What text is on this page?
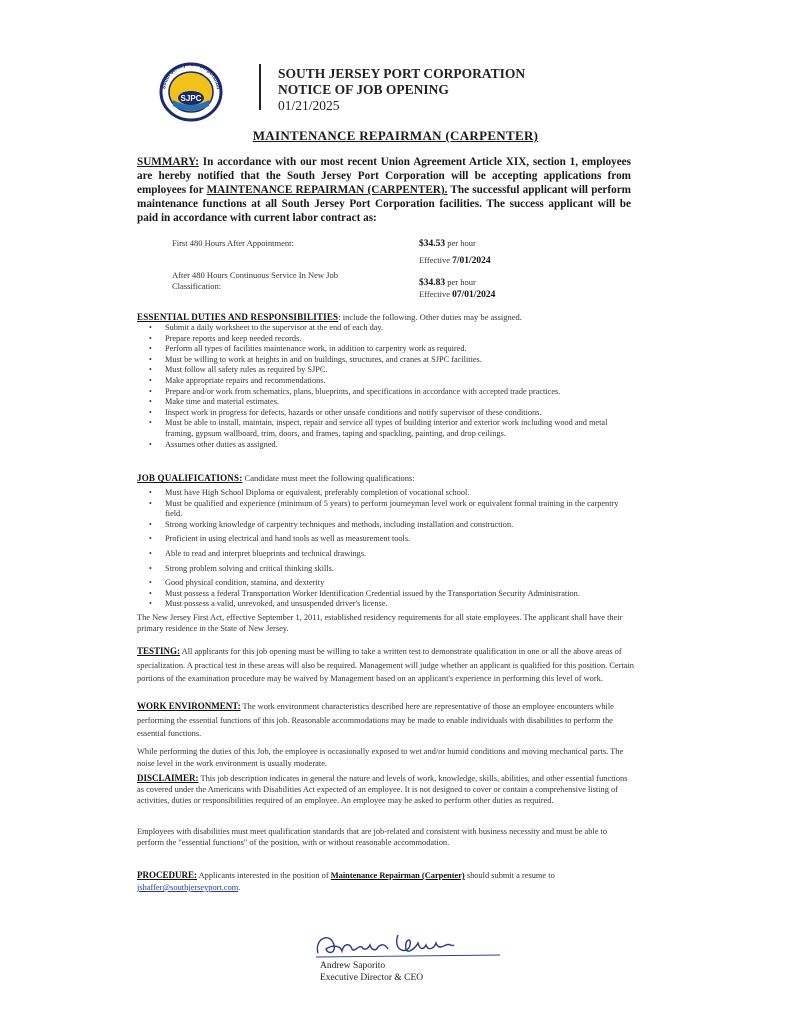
SJPC
South Jersey Port Corporation
SOUTH JERSEY PORT CORPORATION
NOTICE OF JOB OPENING
01/21/2025
MAINTENANCE REPAIRMAN (CARPENTER)
SUMMARY: In accordance with our most recent Union Agreement Article XIX, section 1, employees are hereby notified that the South Jersey Port Corporation will be accepting applications from employees for MAINTENANCE REPAIRMAN (CARPENTER). The successful applicant will perform maintenance functions at all South Jersey Port Corporation facilities. The success applicant will be paid in accordance with current labor contract as:
First 480 Hours After Appointment:	$34.53 per hour
Effective 7/01/2024
After 480 Hours Continuous Service In New Job Classification:	$34.83 per hour
Effective 07/01/2024
ESSENTIAL DUTIES AND RESPONSIBILITIES: include the following. Other duties may be assigned.
• Submit a daily worksheet to the supervisor at the end of each day.
• Prepare reports and keep needed records.
• Perform all types of facilities maintenance work, in addition to carpentry work as required.
• Must be willing to work at heights in and on buildings, structures, and cranes at SJPC facilities.
• Must follow all safety rules as required by SJPC.
• Make appropriate repairs and recommendations.
• Prepare and/or work from schematics, plans, blueprints, and specifications in accordance with accepted trade practices.
• Make time and material estimates.
• Inspect work in progress for defects, hazards or other unsafe conditions and notify supervisor of these conditions.
• Must be able to install, maintain, inspect, repair and service all types of building interior and exterior work including wood and metal framing, gypsum wallboard, trim, doors, and frames, taping and spackling, painting, and drop ceilings.
• Assumes other duties as assigned.
JOB QUALIFICATIONS: Candidate must meet the following qualifications:
• Must have High School Diploma or equivalent, preferably completion of vocational school.
• Must be qualified and experience (minimum of 5 years) to perform journeyman level work or equivalent formal training in the carpentry field.
• Strong working knowledge of carpentry techniques and methods, including installation and construction.
• Proficient in using electrical and hand tools as well as measurement tools.
• Able to read and interpret blueprints and technical drawings.
• Strong problem solving and critical thinking skills.
• Good physical condition, stamina, and dexterity
• Must possess a federal Transportation Worker Identification Credential issued by the Transportation Security Administration.
• Must possess a valid, unrevoked, and unsuspended driver's license.
The New Jersey First Act, effective September 1, 2011, established residency requirements for all state employees. The applicant shall have their primary residence in the State of New Jersey.
TESTING: All applicants for this job opening must be willing to take a written test to demonstrate qualification in one or all the above areas of specialization. A practical test in these areas will also be required. Management will judge whether an applicant is qualified for this position. Certain portions of the examination procedure may be waived by Management based on an applicant's experience in performing this level of work.
WORK ENVIRONMENT: The work environment characteristics described here are representative of those an employee encounters while performing the essential functions of this job. Reasonable accommodations may be made to enable individuals with disabilities to perform the essential functions.
While performing the duties of this Job, the employee is occasionally exposed to wet and/or humid conditions and moving mechanical parts. The noise level in the work environment is usually moderate.
DISCLAIMER: This job description indicates in general the nature and levels of work, knowledge, skills, abilities, and other essential functions as covered under the Americans with Disabilities Act expected of an employee. It is not designed to cover or contain a comprehensive listing of activities, duties or responsibilities required of an employee. An employee may be asked to perform other duties as required.
Employees with disabilities must meet qualification standards that are job-related and consistent with business necessity and must be able to perform the "essential functions" of the position, with or without reasonable accommodation.
PROCEDURE: Applicants interested in the position of Maintenance Repairman (Carpenter) should submit a resume to jshaffer@southjerseyport.com.
Andrew Saporito
Executive Director & CEO
